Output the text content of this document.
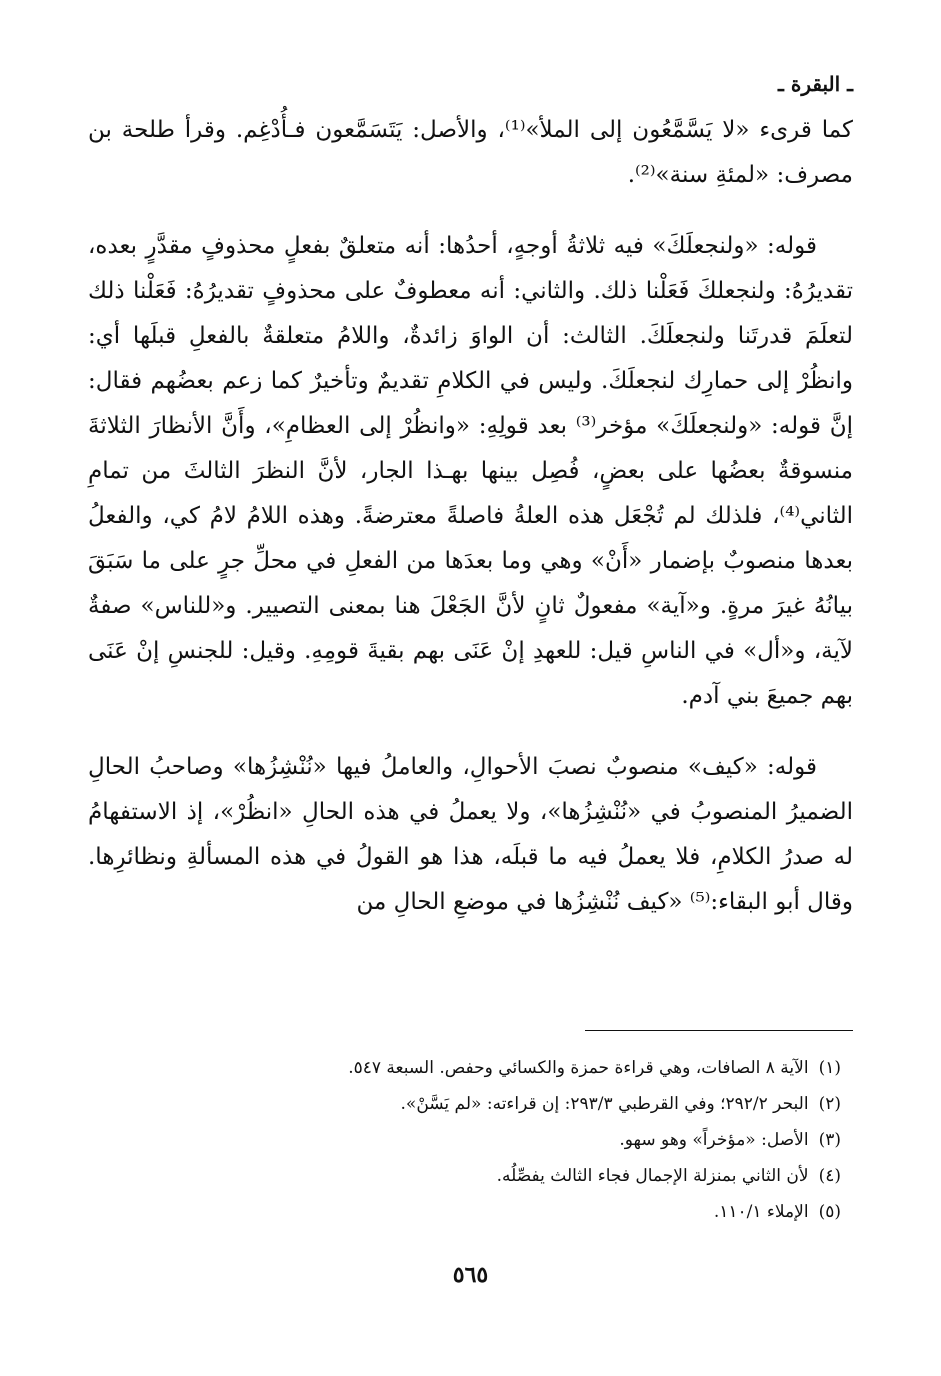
ـ البقرة ـ

كما قرىء «لا يَسَّمَّعُون إلى الملأ»⁽¹⁾، والأصل: يَتَسَمَّعون فـأُدْغِم. وقرأ طلحة بن مصرف: «لمئةِ سنة»⁽²⁾.

قوله: «ولنجعلَكَ» فيه ثلاثةُ أوجهٍ، أحدُها: أنه متعلقٌ بفعلٍ محذوفٍ مقدَّرٍ بعده، تقديرُهُ: ولنجعلكَ فَعَلْنا ذلك. والثاني: أنه معطوفٌ على محذوفٍ تقديرُهُ: فَعَلْنا ذلك لتعلَمَ قدرتَنا ولنجعلَكَ. الثالث: أن الواوَ زائدةٌ، واللامُ متعلقةٌ بالفعلِ قبلَها أي: وانظُرْ إلى حمارِك لنجعلَكَ. وليس في الكلامِ تقديمٌ وتأخيرٌ كما زعم بعضُهم فقال: إنَّ قوله: «ولنجعلَكَ» مؤخر⁽³⁾ بعد قولِهِ: «وانظُرْ إلى العظامِ»، وأَنَّ الأنظارَ الثلاثةَ منسوقةٌ بعضُها على بعضٍ، فُصِل بينها بهـذا الجار، لأنَّ النظرَ الثالثَ من تمامِ الثاني⁽⁴⁾، فلذلك لم تُجْعَل هذه العلةُ فاصلةً معترضةً. وهذه اللامُ لامُ كي، والفعلُ بعدها منصوبٌ بإضمار «أَنْ» وهي وما بعدَها من الفعلِ في محلِّ جرٍ على ما سَبَقَ بيانُهُ غيرَ مرةٍ. و«آية» مفعولٌ ثانٍ لأنَّ الجَعْلَ هنا بمعنى التصيير. و«للناس» صفةٌ لآية، و«أل» في الناسِ قيل: للعهدِ إنْ عَنَى بهم بقيةَ قومِهِ. وقيل: للجنسِ إنْ عَنَى بهم جميعَ بني آدم.

قوله: «كيف» منصوبٌ نصبَ الأحوالِ، والعاملُ فيها «نُنْشِزُها» وصاحبُ الحالِ الضميرُ المنصوبُ في «نُنْشِزُها»، ولا يعملُ في هذه الحالِ «انظُرْ»، إذ الاستفهامُ له صدرُ الكلامِ، فلا يعملُ فيه ما قبلَه، هذا هو القولُ في هذه المسألةِ ونظائرِها. وقال أبو البقاء:⁽⁵⁾ «كيف نُنْشِزُها في موضعِ الحالِ من

(١)الآية ٨ الصافات، وهي قراءة حمزة والكسائي وحفص. السبعة ٥٤٧.
(٢)البحر ٢٩٢/٢؛ وفي القرطبي ٢٩٣/٣: إن قراءته: «لم يَسَّنْ».
(٣)الأصل: «مؤخراً» وهو سهو.
(٤)لأن الثاني بمنزلة الإجمال فجاء الثالث يفصِّلُه.
(٥)الإملاء ١١٠/١.
٥٦٥
